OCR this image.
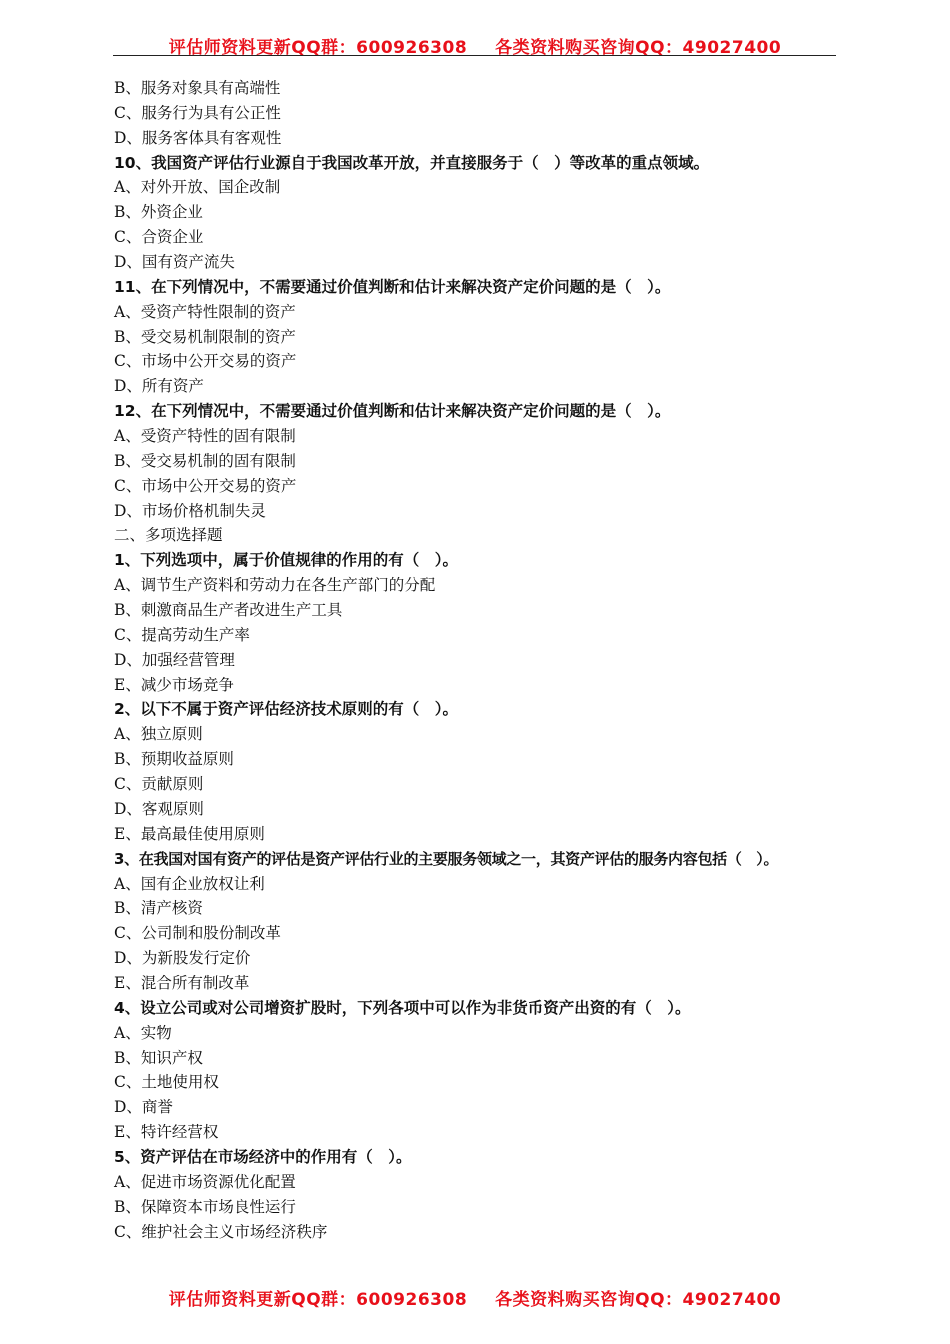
评估师资料更新QQ群：600926308 各类资料购买咨询QQ：49027400
B、服务对象具有高端性
C、服务行为具有公正性
D、服务客体具有客观性
10、我国资产评估行业源自于我国改革开放，并直接服务于（　）等改革的重点领域。
A、对外开放、国企改制
B、外资企业
C、合资企业
D、国有资产流失
11、在下列情况中，不需要通过价值判断和估计来解决资产定价问题的是（　）。
A、受资产特性限制的资产
B、受交易机制限制的资产
C、市场中公开交易的资产
D、所有资产
12、在下列情况中，不需要通过价值判断和估计来解决资产定价问题的是（　）。
A、受资产特性的固有限制
B、受交易机制的固有限制
C、市场中公开交易的资产
D、市场价格机制失灵
二、多项选择题
1、下列选项中，属于价值规律的作用的有（　）。
A、调节生产资料和劳动力在各生产部门的分配
B、刺激商品生产者改进生产工具
C、提高劳动生产率
D、加强经营管理
E、减少市场竞争
2、以下不属于资产评估经济技术原则的有（　）。
A、独立原则
B、预期收益原则
C、贡献原则
D、客观原则
E、最高最佳使用原则
3、在我国对国有资产的评估是资产评估行业的主要服务领域之一，其资产评估的服务内容包括（　）。
A、国有企业放权让利
B、清产核资
C、公司制和股份制改革
D、为新股发行定价
E、混合所有制改革
4、设立公司或对公司增资扩股时，下列各项中可以作为非货币资产出资的有（　）。
A、实物
B、知识产权
C、土地使用权
D、商誉
E、特许经营权
5、资产评估在市场经济中的作用有（　）。
A、促进市场资源优化配置
B、保障资本市场良性运行
C、维护社会主义市场经济秩序
评估师资料更新QQ群：600926308 各类资料购买咨询QQ：49027400
